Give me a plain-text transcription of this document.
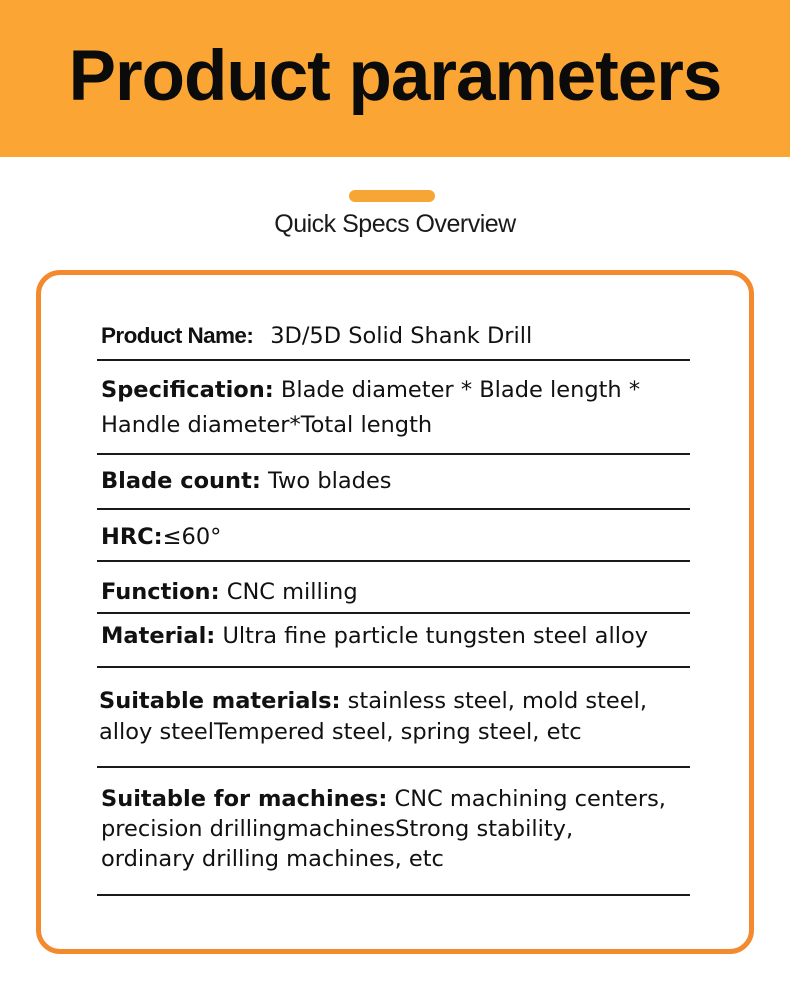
Product parameters

Quick Specs Overview

Product Name: 3D/5D Solid Shank Drill
Specification: Blade diameter * Blade length *
Handle diameter*Total length
Blade count: Two blades
HRC:≤60°
Function: CNC milling
Material: Ultra fine particle tungsten steel alloy
Suitable materials: stainless steel, mold steel,
alloy steelTempered steel, spring steel, etc
Suitable for machines: CNC machining centers,
precision drillingmachinesStrong stability,
ordinary drilling machines, etc
